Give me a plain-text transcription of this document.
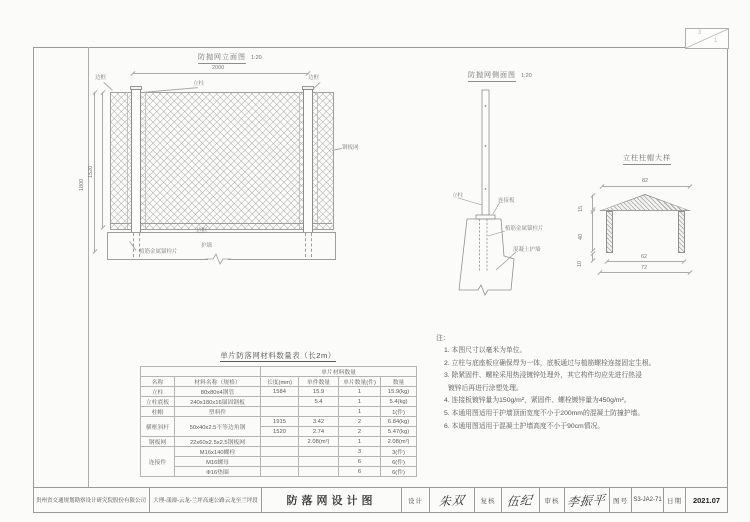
3
1
防抛网立面图 1:20
2000
边框
立柱
边框
边框
护墙
植筋金属锚栓片
钢板网
1800
1520
防抛网侧面图 1:20
立柱
连接板
植筋金属锚栓片
混凝土护墙
立柱柱帽大样
82
62
72
15
40
10
单片防落网材料数量表（长2m）
		单片材料数量			
名称	材料名称（规格）	长度(mm)	单件数量	单片数量(件)	数量
立柱	80x80x4钢管	1584	15.9	1	15.9(kg)
立柱底板	240x180x16锚固钢板		5.4	1	5.4(kg)
柱帽	塑料件			1	1(件)
横框斜杆	50x40x2.5不等边角钢	1915	3.42	2	6.84(kg)
		1520	2.74	2	5.47(kg)
钢板网	22x60x2.5x2.5钢板网		2.08(m²)	1	2.08(m²)
连接件	M16x140螺栓			3	3(件)
	M16螺母			6	6(件)
	Φ16垫圈			6	6(件)
注：
1. 本图尺寸以毫米为单位。
2. 立柱与底座板应确保焊为一体，底板通过与植筋螺栓连接固定生根。
3. 除紧固件、螺栓采用热浸镀锌处理外，其它构件均应先进行热浸
镀锌后再进行涂塑处理。
4. 连接板镀锌量为150g/m²，紧固件、螺栓镀锌量为450g/m²。
5. 本通用图适用于护墙顶面宽度不小于200mm的混凝土防撞护墙。
6. 本通用图适用于混凝土护墙高度不小于90cm情况。
贵州省交通规划勘察设计研究院股份有限公司 大理-漾濞-云龙-兰坪高速公路云龙至兰坪段	防落网设计图	设计 朱双 复核 伍纪 审核 李振平 图号 S3-JA2-71 日期 2021.07
